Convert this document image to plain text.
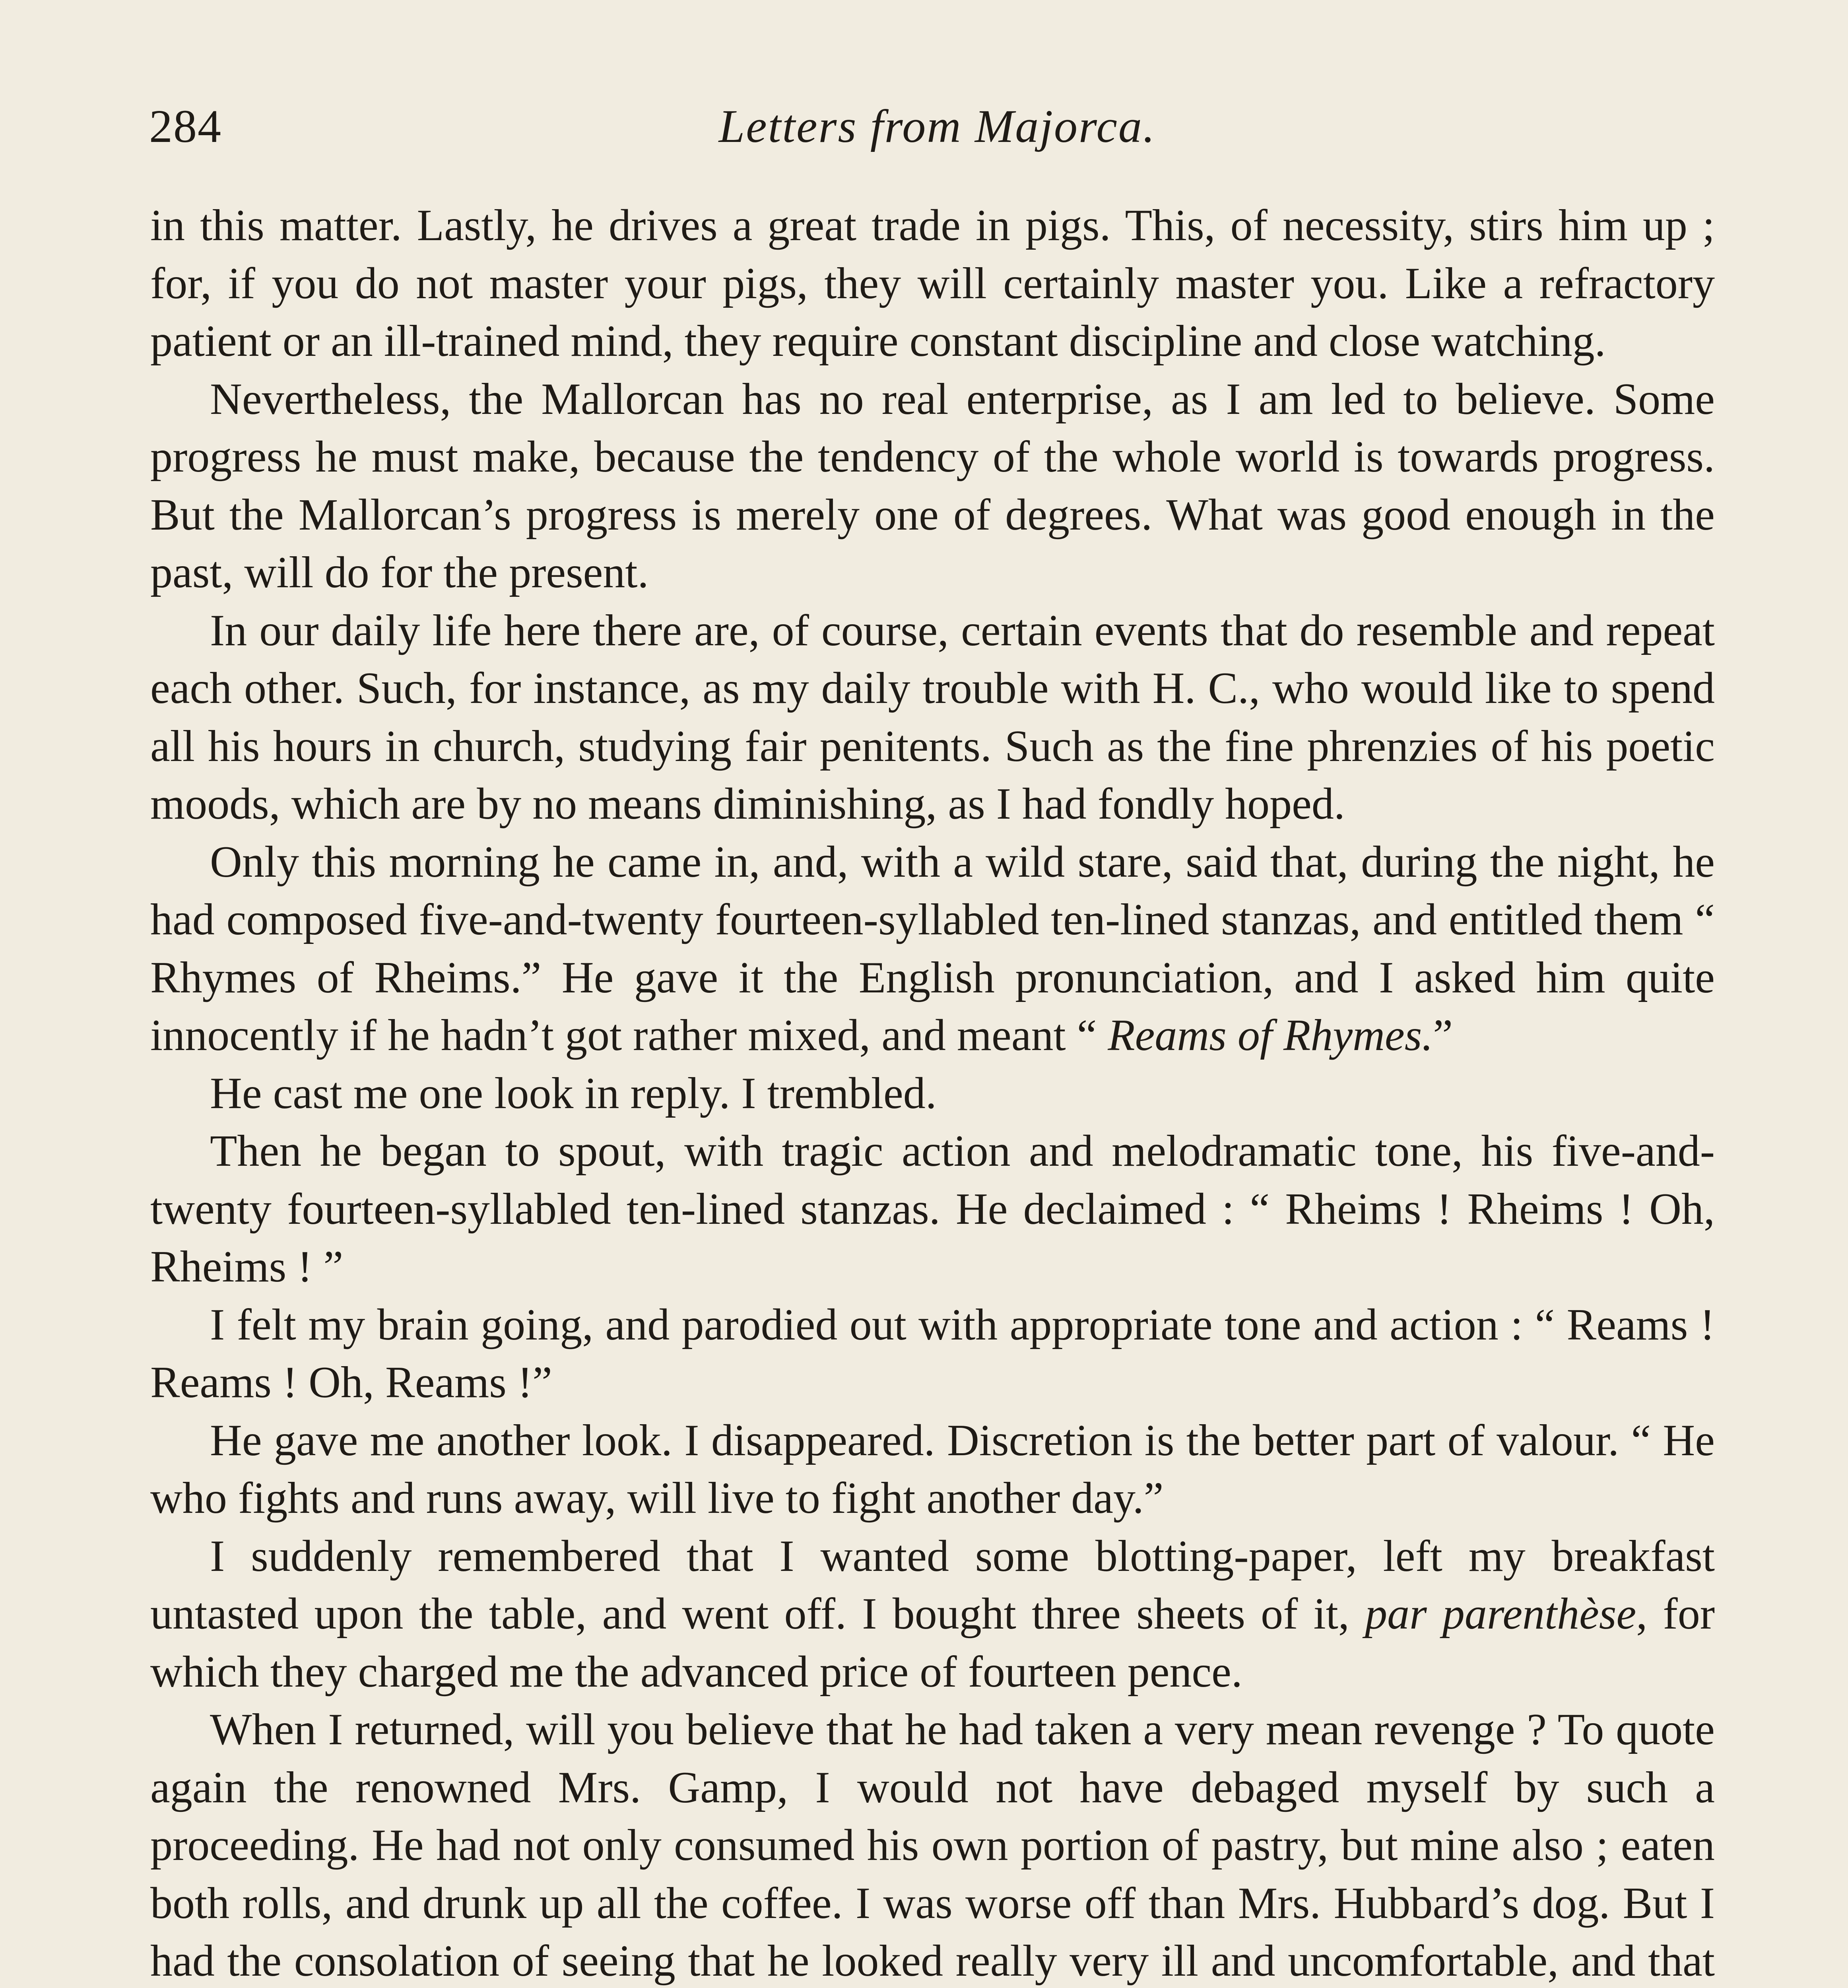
284	Letters from Majorca.

in this matter. Lastly, he drives a great trade in pigs. This, of necessity, stirs him up ; for, if you do not master your pigs, they will certainly master you. Like a refractory patient or an ill-trained mind, they require constant discipline and close watching.

Nevertheless, the Mallorcan has no real enterprise, as I am led to believe. Some progress he must make, because the tendency of the whole world is towards progress. But the Mallorcan’s progress is merely one of degrees. What was good enough in the past, will do for the present.

In our daily life here there are, of course, certain events that do resemble and repeat each other. Such, for instance, as my daily trouble with H. C., who would like to spend all his hours in church, studying fair penitents. Such as the fine phrenzies of his poetic moods, which are by no means diminishing, as I had fondly hoped.

Only this morning he came in, and, with a wild stare, said that, during the night, he had composed five-and-twenty fourteen-syllabled ten-lined stanzas, and entitled them “ Rhymes of Rheims.” He gave it the English pronunciation, and I asked him quite innocently if he hadn’t got rather mixed, and meant “ Reams of Rhymes.”

He cast me one look in reply. I trembled.

Then he began to spout, with tragic action and melodramatic tone, his five-and-twenty fourteen-syllabled ten-lined stanzas. He declaimed : “ Rheims ! Rheims ! Oh, Rheims ! ”

I felt my brain going, and parodied out with appropriate tone and action : “ Reams ! Reams ! Oh, Reams !”

He gave me another look. I disappeared. Discretion is the better part of valour. “ He who fights and runs away, will live to fight another day.”

I suddenly remembered that I wanted some blotting-paper, left my breakfast untasted upon the table, and went off. I bought three sheets of it, par parenthèse, for which they charged me the advanced price of fourteen pence.

When I returned, will you believe that he had taken a very mean revenge ? To quote again the renowned Mrs. Gamp, I would not have debaged myself by such a proceeding. He had not only consumed his own portion of pastry, but mine also ; eaten both rolls, and drunk up all the coffee. I was worse off than Mrs. Hubbard’s dog. But I had the consolation of seeing that he looked really very ill and uncomfortable, and that
